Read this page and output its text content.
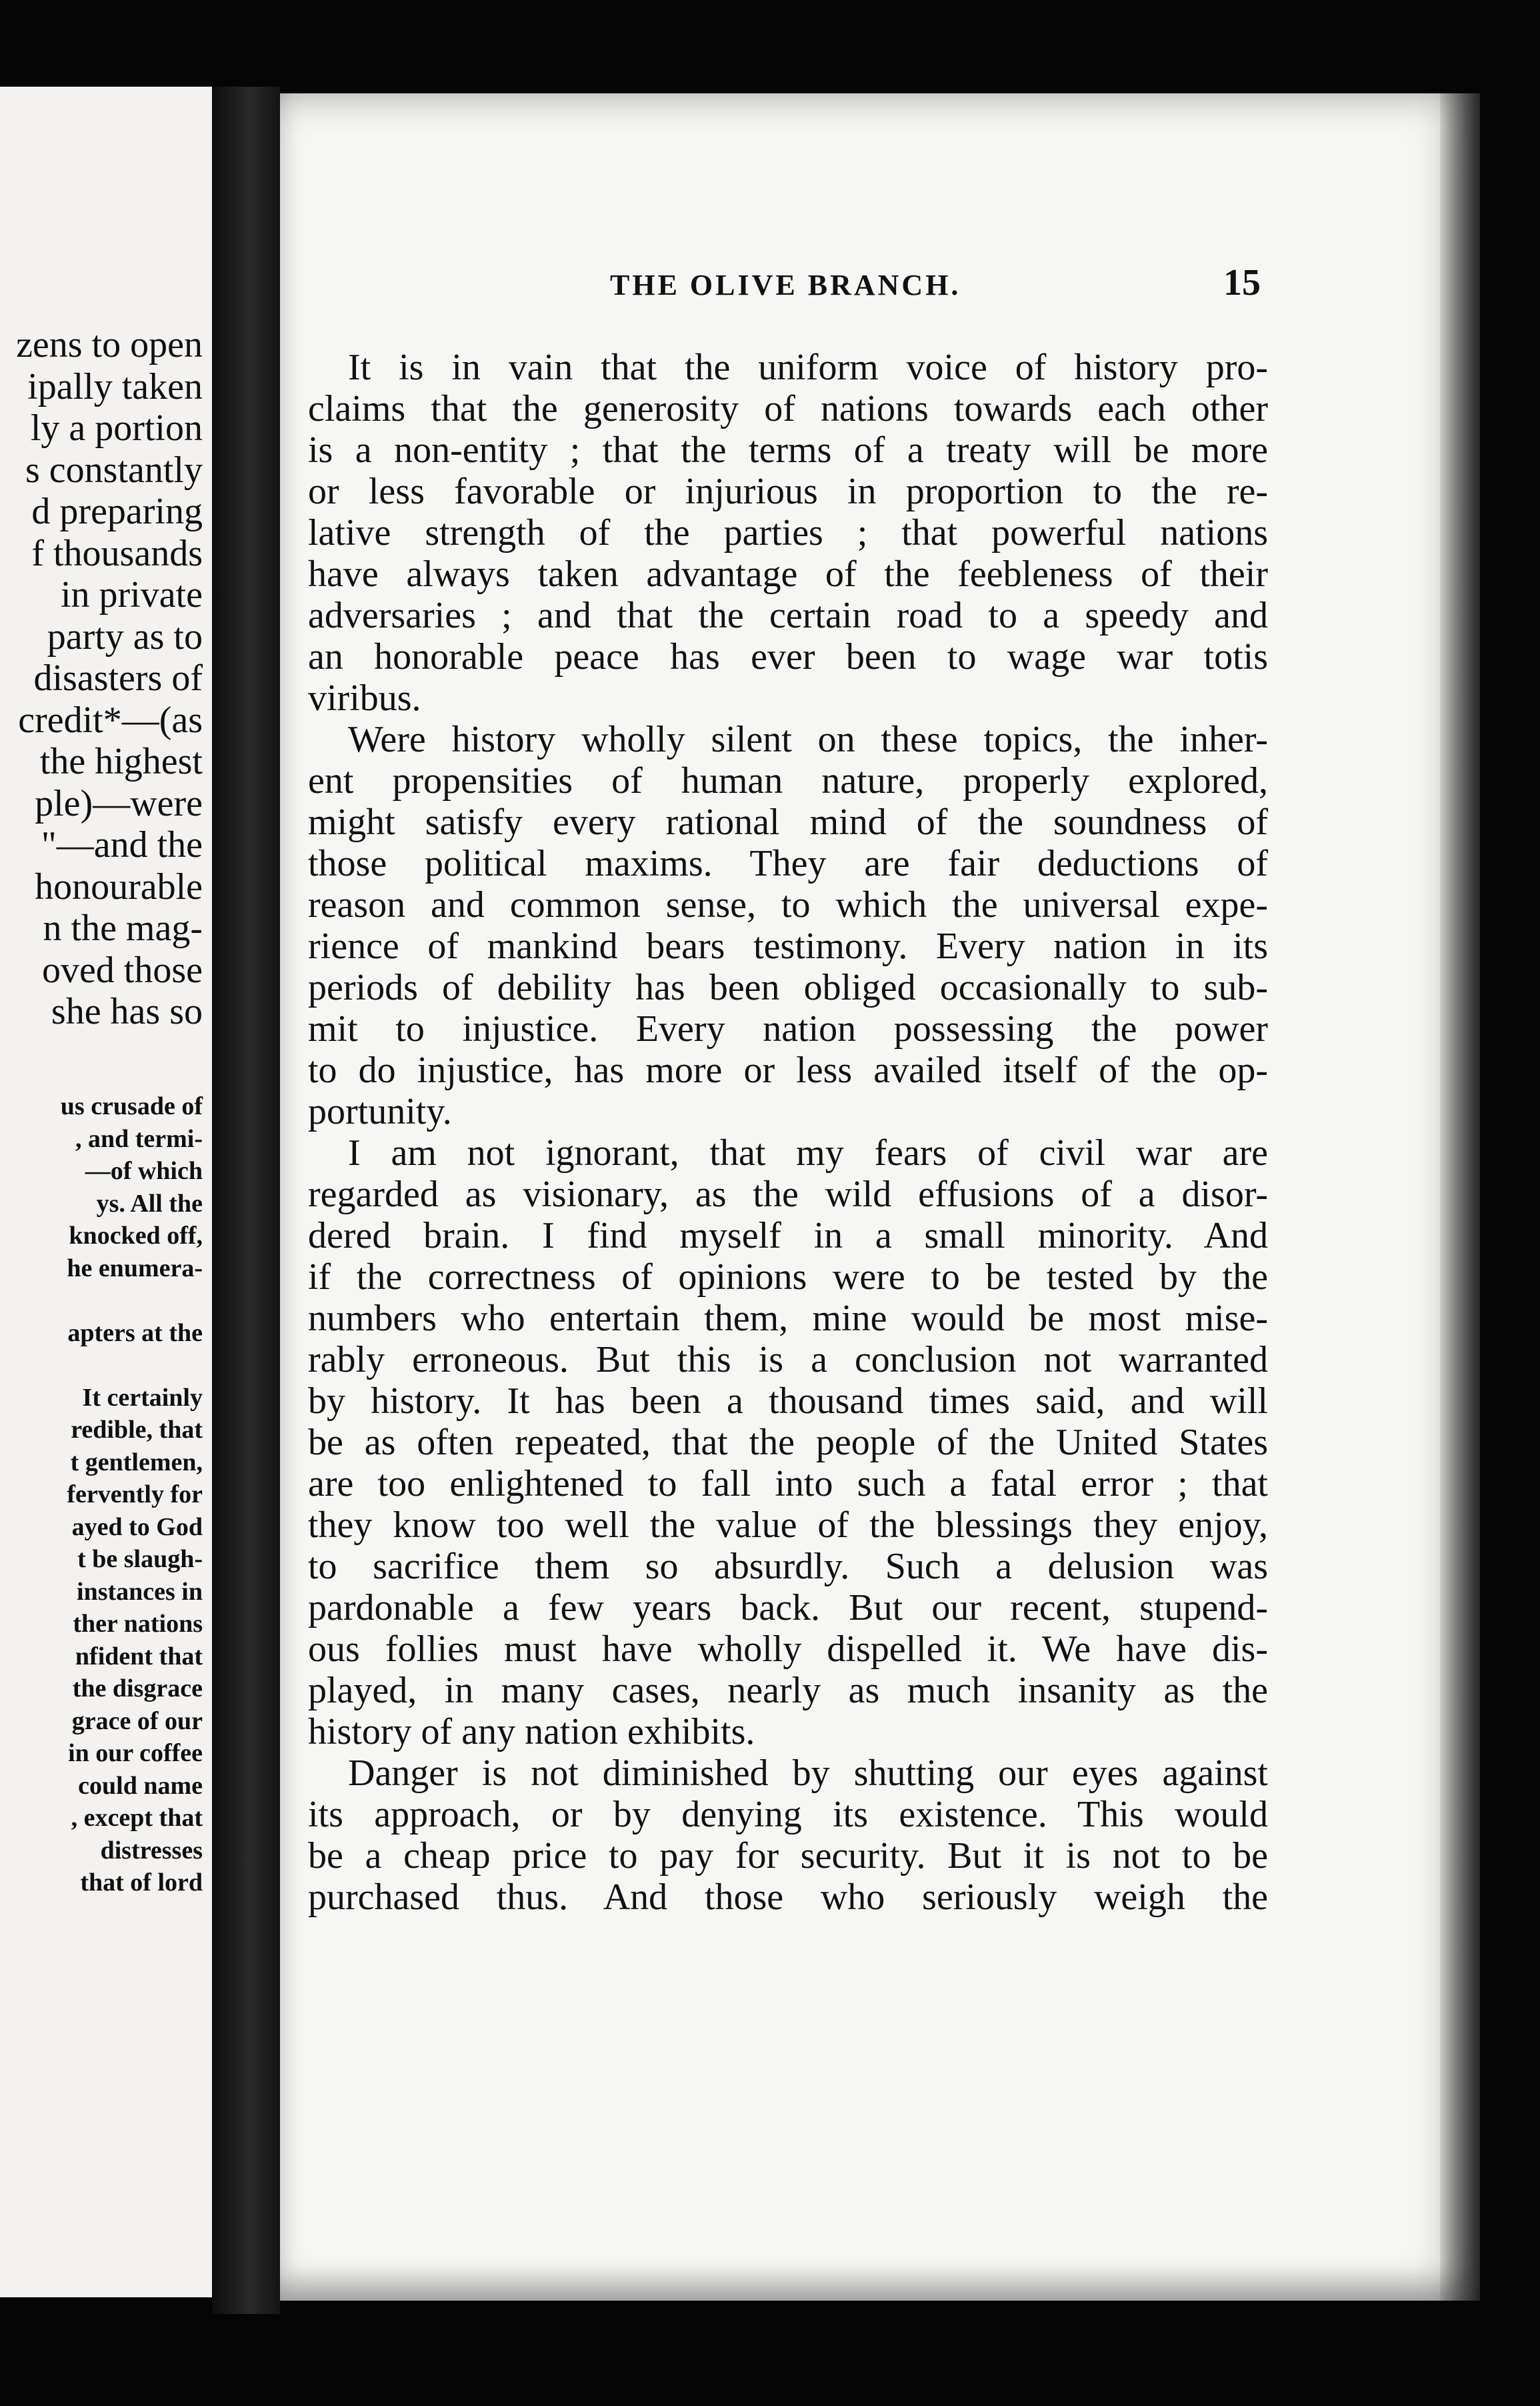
zens to open
ipally taken
ly a portion
s constantly
d preparing
f thousands
in private
party as to
disasters of
credit*—(as
the highest
ple)—were
"—and the
honourable
n the mag-
oved those
she has so
us crusade of
, and termi-
—of which
ys. All the
knocked off,
he enumera-

apters at the

It certainly
redible, that
t gentlemen,
fervently for
ayed to God
t be slaugh-
instances in
ther nations
nfident that
the disgrace
grace of our
in our coffee
could name
, except that
distresses
that of lord
THE OLIVE BRANCH.	15
It is in vain that the uniform voice of history pro-
claims that the generosity of nations towards each other
is a non-entity ; that the terms of a treaty will be more
or less favorable or injurious in proportion to the re-
lative strength of the parties ; that powerful nations
have always taken advantage of the feebleness of their
adversaries ; and that the certain road to a speedy and
an honorable peace has ever been to wage war totis
viribus.
Were history wholly silent on these topics, the inher-
ent propensities of human nature, properly explored,
might satisfy every rational mind of the soundness of
those political maxims. They are fair deductions of
reason and common sense, to which the universal expe-
rience of mankind bears testimony. Every nation in its
periods of debility has been obliged occasionally to sub-
mit to injustice. Every nation possessing the power
to do injustice, has more or less availed itself of the op-
portunity.
I am not ignorant, that my fears of civil war are
regarded as visionary, as the wild effusions of a disor-
dered brain. I find myself in a small minority. And
if the correctness of opinions were to be tested by the
numbers who entertain them, mine would be most mise-
rably erroneous. But this is a conclusion not warranted
by history. It has been a thousand times said, and will
be as often repeated, that the people of the United States
are too enlightened to fall into such a fatal error ; that
they know too well the value of the blessings they enjoy,
to sacrifice them so absurdly. Such a delusion was
pardonable a few years back. But our recent, stupend-
ous follies must have wholly dispelled it. We have dis-
played, in many cases, nearly as much insanity as the
history of any nation exhibits.
Danger is not diminished by shutting our eyes against
its approach, or by denying its existence. This would
be a cheap price to pay for security. But it is not to be
purchased thus. And those who seriously weigh the
